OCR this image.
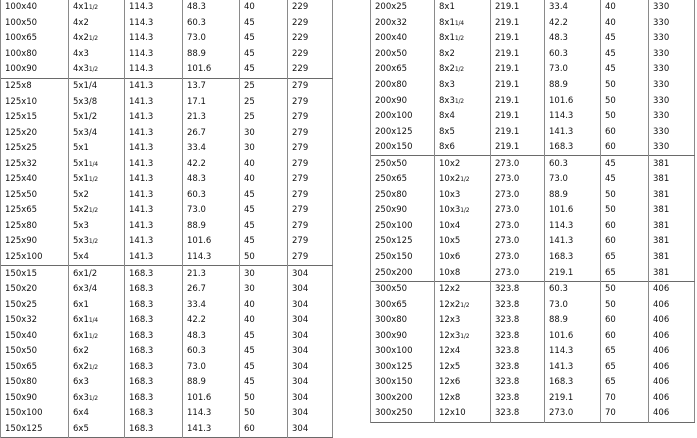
100x40	4x11/2	114.3	48.3	40	229
100x50	4x2	114.3	60.3	45	229
100x65	4x21/2	114.3	73.0	45	229
100x80	4x3	114.3	88.9	45	229
100x90	4x31/2	114.3	101.6	45	229
125x8	5x1/4	141.3	13.7	25	279
125x10	5x3/8	141.3	17.1	25	279
125x15	5x1/2	141.3	21.3	25	279
125x20	5x3/4	141.3	26.7	30	279
125x25	5x1	141.3	33.4	30	279
125x32	5x11/4	141.3	42.2	40	279
125x40	5x11/2	141.3	48.3	40	279
125x50	5x2	141.3	60.3	45	279
125x65	5x21/2	141.3	73.0	45	279
125x80	5x3	141.3	88.9	45	279
125x90	5x31/2	141.3	101.6	45	279
125x100	5x4	141.3	114.3	50	279
150x15	6x1/2	168.3	21.3	30	304
150x20	6x3/4	168.3	26.7	30	304
150x25	6x1	168.3	33.4	40	304
150x32	6x11/4	168.3	42.2	40	304
150x40	6x11/2	168.3	48.3	45	304
150x50	6x2	168.3	60.3	45	304
150x65	6x21/2	168.3	73.0	45	304
150x80	6x3	168.3	88.9	45	304
150x90	6x31/2	168.3	101.6	50	304
150x100	6x4	168.3	114.3	50	304
150x125	6x5	168.3	141.3	60	304
200x25	8x1	219.1	33.4	40	330
200x32	8x11/4	219.1	42.2	40	330
200x40	8x11/2	219.1	48.3	45	330
200x50	8x2	219.1	60.3	45	330
200x65	8x21/2	219.1	73.0	45	330
200x80	8x3	219.1	88.9	50	330
200x90	8x31/2	219.1	101.6	50	330
200x100	8x4	219.1	114.3	50	330
200x125	8x5	219.1	141.3	60	330
200x150	8x6	219.1	168.3	60	330
250x50	10x2	273.0	60.3	45	381
250x65	10x21/2	273.0	73.0	45	381
250x80	10x3	273.0	88.9	50	381
250x90	10x31/2	273.0	101.6	50	381
250x100	10x4	273.0	114.3	60	381
250x125	10x5	273.0	141.3	60	381
250x150	10x6	273.0	168.3	65	381
250x200	10x8	273.0	219.1	65	381
300x50	12x2	323.8	60.3	50	406
300x65	12x21/2	323.8	73.0	50	406
300x80	12x3	323.8	88.9	60	406
300x90	12x31/2	323.8	101.6	60	406
300x100	12x4	323.8	114.3	65	406
300x125	12x5	323.8	141.3	65	406
300x150	12x6	323.8	168.3	65	406
300x200	12x8	323.8	219.1	70	406
300x250	12x10	323.8	273.0	70	406
